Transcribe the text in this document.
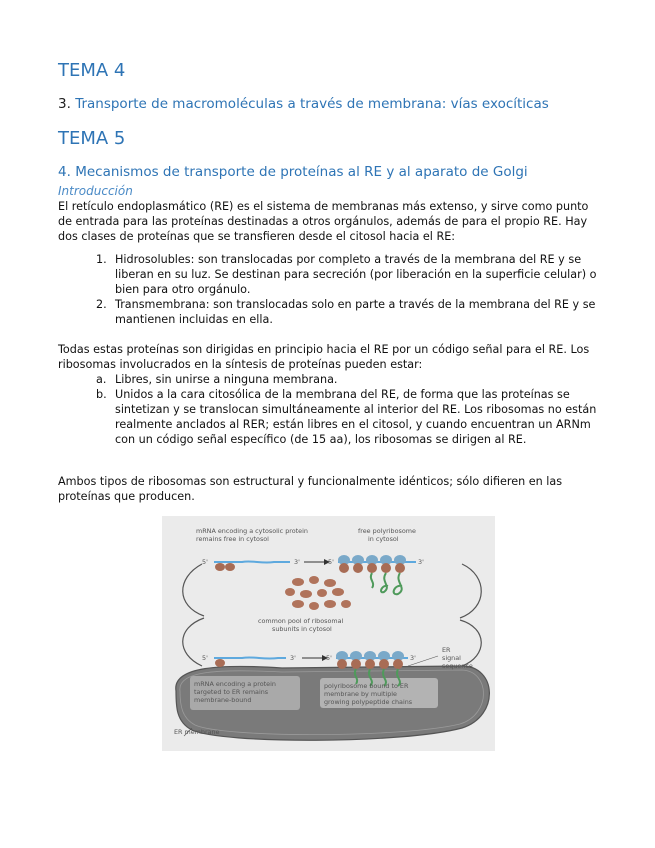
TEMA 4
3. Transporte de macromoléculas a través de membrana: vías exocíticas
TEMA 5
4. Mecanismos de transporte de proteínas al RE y al aparato de Golgi
Introducción

El retículo endoplasmático (RE) es el sistema de membranas más extenso, y sirve como punto de entrada para las proteínas destinadas a otros orgánulos, además de para el propio RE. Hay dos clases de proteínas que se transfieren desde el citosol hacia el RE:

1. Hidrosolubles: son translocadas por completo a través de la membrana del RE y se liberan en su luz. Se destinan para secreción (por liberación en la superficie celular) o bien para otro orgánulo.
2. Transmembrana: son translocadas solo en parte a través de la membrana del RE y se mantienen incluidas en ella.

Todas estas proteínas son dirigidas en principio hacia el RE por un código señal para el RE. Los ribosomas involucrados en la síntesis de proteínas pueden estar:

a. Libres, sin unirse a ninguna membrana.
b. Unidos a la cara citosólica de la membrana del RE, de forma que las proteínas se sintetizan y se translocan simultáneamente al interior del RE. Los ribosomas no están realmente anclados al RER; están libres en el citosol, y cuando encuentran un ARNm con un código señal específico (de 15 aa), los ribosomas se dirigen al RE.

Ambos tipos de ribosomas son estructural y funcionalmente idénticos; sólo difieren en las proteínas que producen.

mRNA encoding a cytosolic protein
remains free in cytosol
5'	3'
free polyribosome
in cytosol
5'	3'
common pool of ribosomal
subunits in cytosol
5'	3'	5'	3'
ER
signal
sequence
mRNA encoding a protein
targeted to ER remains
membrane-bound
polyribosome bound to ER
membrane by multiple
growing polypeptide chains
ER membrane
